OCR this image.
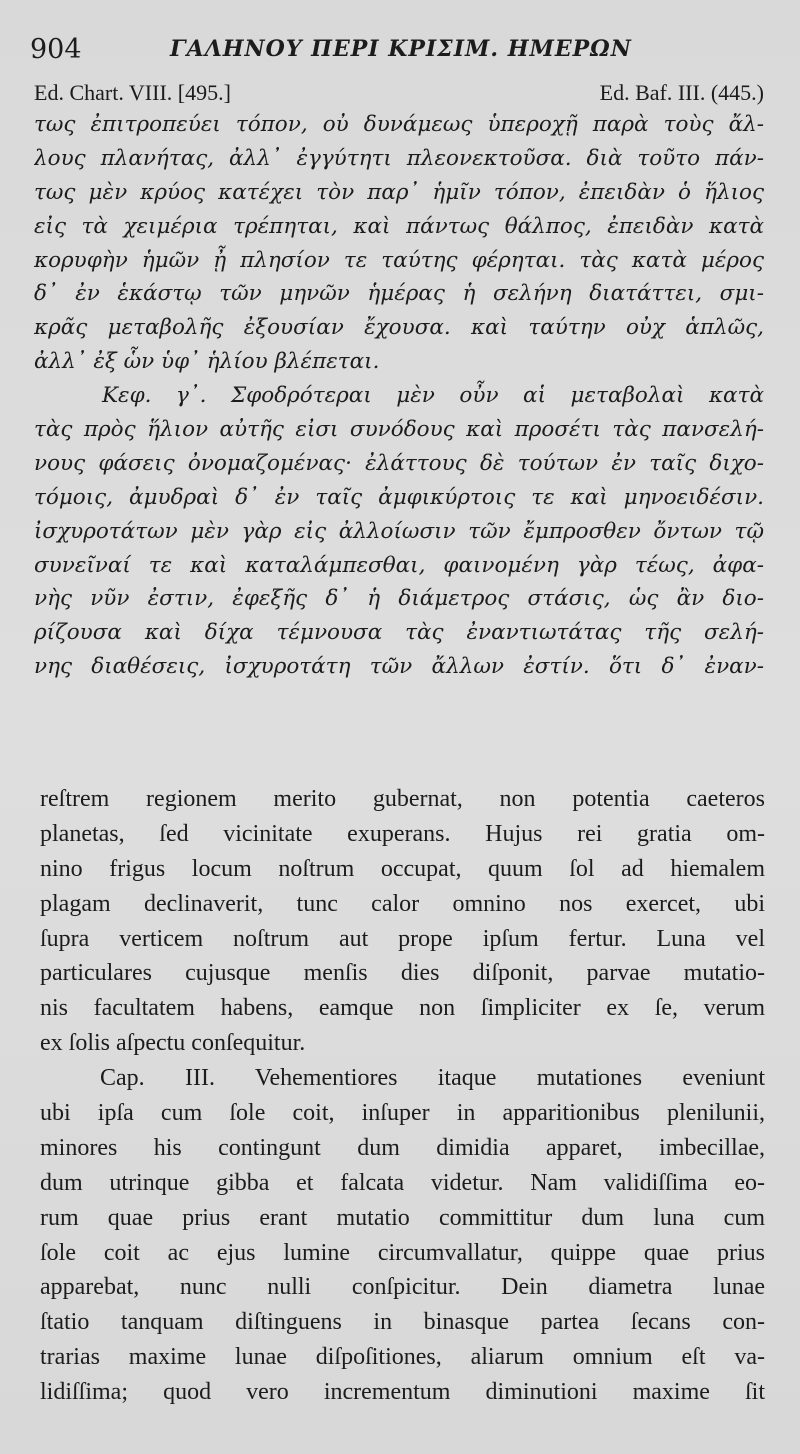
904	ΓΑΛΗΝΟΥ ΠΕΡΙ ΚΡΙΣΙΜ. ΗΜΕΡΩΝ
Ed. Chart. VIII. [495.]	Ed. Baf. III. (445.)
τως ἐπιτροπεύει τόπον, οὐ δυνάμεως ὑπεροχῇ παρὰ τοὺς ἄλ-
λους πλανήτας, ἀλλ᾽ ἐγγύτητι πλεονεκτοῦσα. διὰ τοῦτο πάν-
τως μὲν κρύος κατέχει τὸν παρ᾽ ἡμῖν τόπον, ἐπειδὰν ὁ ἥλιος
εἰς τὰ χειμέρια τρέπηται, καὶ πάντως θάλπος, ἐπειδὰν κατὰ
κορυφὴν ἡμῶν ᾖ πλησίον τε ταύτης φέρηται. τὰς κατὰ μέρος
δ᾽ ἐν ἑκάστῳ τῶν μηνῶν ἡμέρας ἡ σελήνη διατάττει, σμι-
κρᾶς μεταβολῆς ἐξουσίαν ἔχουσα. καὶ ταύτην οὐχ ἁπλῶς,
ἀλλ᾽ ἐξ ὧν ὑφ᾽ ἡλίου βλέπεται.
Κεφ. γ᾽. Σφοδρότεραι μὲν οὖν αἱ μεταβολαὶ κατὰ
τὰς πρὸς ἥλιον αὐτῆς εἰσι συνόδους καὶ προσέτι τὰς πανσελή-
νους φάσεις ὀνομαζομένας· ἐλάττους δὲ τούτων ἐν ταῖς διχο-
τόμοις, ἀμυδραὶ δ᾽ ἐν ταῖς ἀμφικύρτοις τε καὶ μηνοειδέσιν.
ἰσχυροτάτων μὲν γὰρ εἰς ἀλλοίωσιν τῶν ἔμπροσθεν ὄντων τῷ
συνεῖναί τε καὶ καταλάμπεσθαι, φαινομένη γὰρ τέως, ἀφα-
νὴς νῦν ἐστιν, ἐφεξῆς δ᾽ ἡ διάμετρος στάσις, ὡς ἂν διο-
ρίζουσα καὶ δίχα τέμνουσα τὰς ἐναντιωτάτας τῆς σελή-
νης διαθέσεις, ἰσχυροτάτη τῶν ἄλλων ἐστίν. ὅτι δ᾽ ἐναν-
reſtrem regionem merito gubernat, non potentia caeteros
planetas, ſed vicinitate exuperans. Hujus rei gratia om-
nino frigus locum noſtrum occupat, quum ſol ad hiemalem
plagam declinaverit, tunc calor omnino nos exercet, ubi
ſupra verticem noſtrum aut prope ipſum fertur. Luna vel
particulares cujusque menſis dies diſponit, parvae mutatio-
nis facultatem habens, eamque non ſimpliciter ex ſe, verum
ex ſolis aſpectu conſequitur.
Cap. III. Vehementiores itaque mutationes eveniunt
ubi ipſa cum ſole coit, inſuper in apparitionibus plenilunii,
minores his contingunt dum dimidia apparet, imbecillae,
dum utrinque gibba et falcata videtur. Nam validiſſima eo-
rum quae prius erant mutatio committitur dum luna cum
ſole coit ac ejus lumine circumvallatur, quippe quae prius
apparebat, nunc nulli conſpicitur. Dein diametra lunae
ſtatio tanquam diſtinguens in binasque partea ſecans con-
trarias maxime lunae diſpoſitiones, aliarum omnium eſt va-
lidiſſima; quod vero incrementum diminutioni maxime ſit
